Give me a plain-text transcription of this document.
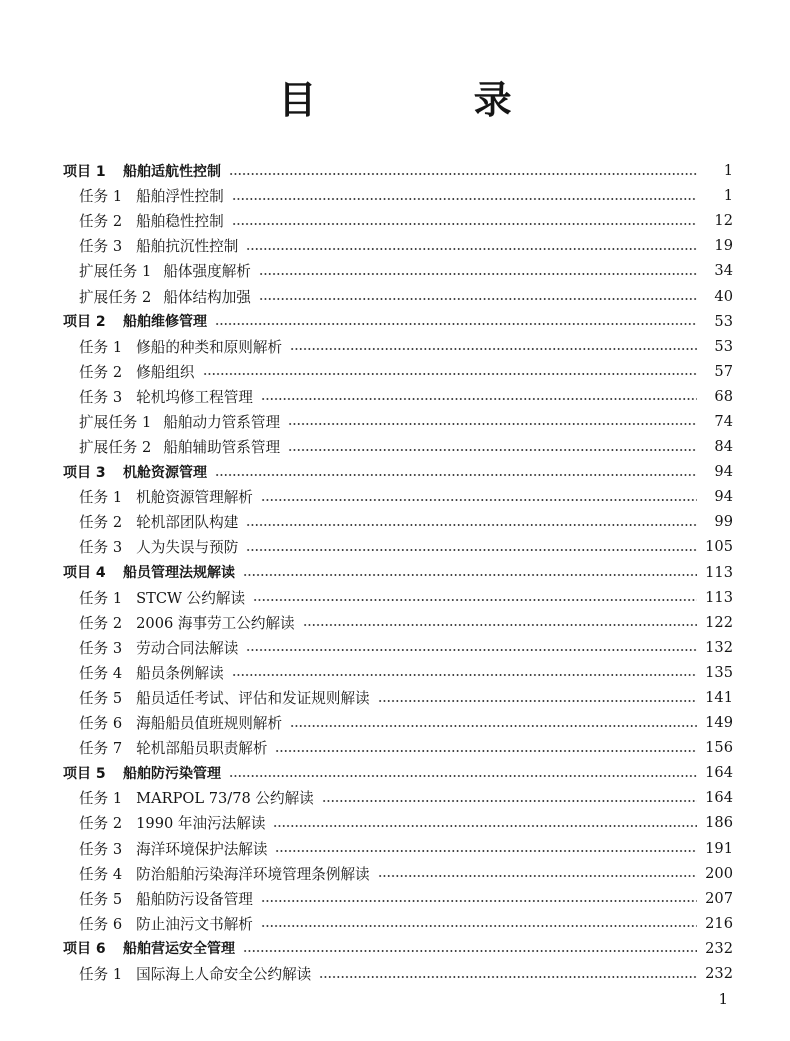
目 录
项目 1	船舶适航性控制	1
任务 1 船舶浮性控制	1
任务 2 船舶稳性控制	12
任务 3 船舶抗沉性控制	19
扩展任务 1 船体强度解析	34
扩展任务 2 船体结构加强	40
项目 2	船舶维修管理	53
任务 1 修船的种类和原则解析	53
任务 2 修船组织	57
任务 3 轮机坞修工程管理	68
扩展任务 1 船舶动力管系管理	74
扩展任务 2 船舶辅助管系管理	84
项目 3	机舱资源管理	94
任务 1 机舱资源管理解析	94
任务 2 轮机部团队构建	99
任务 3 人为失误与预防	105
项目 4	船员管理法规解读	113
任务 1 STCW 公约解读	113
任务 2 2006 海事劳工公约解读	122
任务 3 劳动合同法解读	132
任务 4 船员条例解读	135
任务 5 船员适任考试、评估和发证规则解读	141
任务 6 海船船员值班规则解析	149
任务 7 轮机部船员职责解析	156
项目 5	船舶防污染管理	164
任务 1 MARPOL 73/78 公约解读	164
任务 2 1990 年油污法解读	186
任务 3 海洋环境保护法解读	191
任务 4 防治船舶污染海洋环境管理条例解读	200
任务 5 船舶防污设备管理	207
任务 6 防止油污文书解析	216
项目 6	船舶营运安全管理	232
任务 1 国际海上人命安全公约解读	232
1
